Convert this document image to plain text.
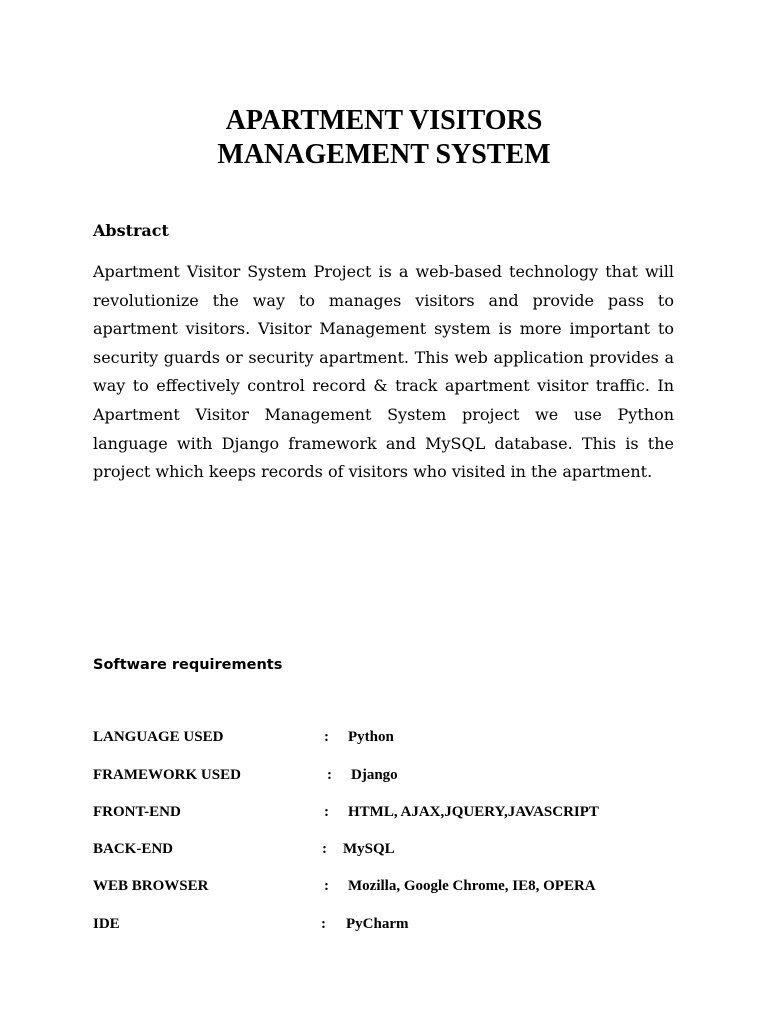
APARTMENT VISITORS
MANAGEMENT SYSTEM
Abstract

Apartment Visitor System Project is a web-based technology that will revolutionize the way to manages visitors and provide pass to apartment visitors. Visitor Management system is more important to security guards or security apartment. This web application provides a way to effectively control record & track apartment visitor traffic. In Apartment Visitor Management System project we use Python language with Django framework and MySQL database. This is the project which keeps records of visitors who visited in the apartment.

Software requirements
LANGUAGE USED	: Python
FRAMEWORK USED	: Django
FRONT-END	: HTML, AJAX,JQUERY,JAVASCRIPT
BACK-END	: MySQL
WEB BROWSER	: Mozilla, Google Chrome, IE8, OPERA
IDE	: PyCharm
